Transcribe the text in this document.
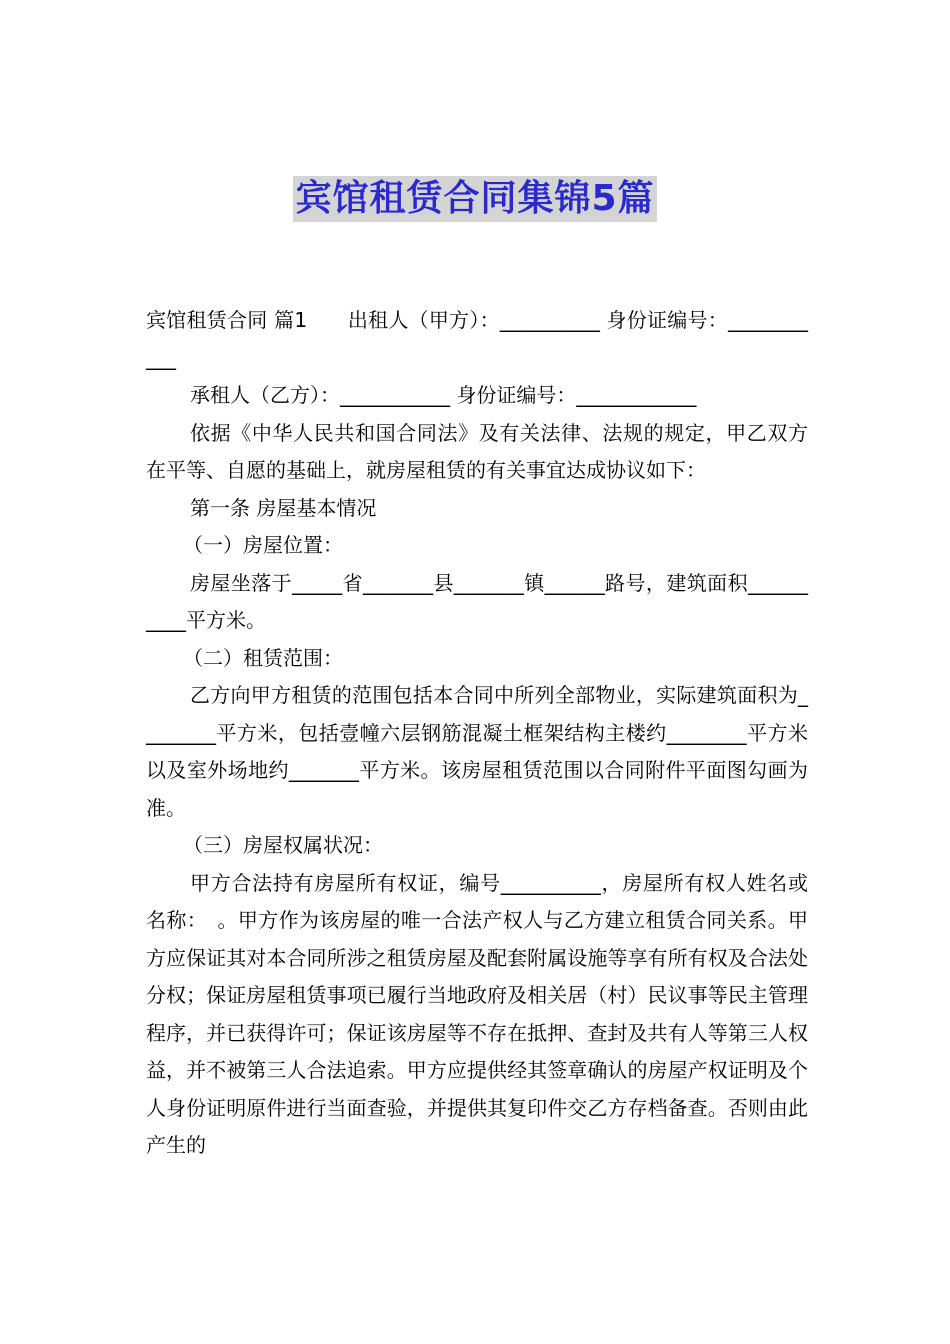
宾馆租赁合同集锦5篇

宾馆租赁合同 篇1　　出租人（甲方）：__________ 身份证编号：___________

承租人（乙方）：___________ 身份证编号：____________

依据《中华人民共和国合同法》及有关法律、法规的规定，甲乙双方在平等、自愿的基础上，就房屋租赁的有关事宜达成协议如下：

第一条 房屋基本情况

（一）房屋位置：

房屋坐落于_____省_______县_______镇______路号，建筑面积__________平方米。

（二）租赁范围：

乙方向甲方租赁的范围包括本合同中所列全部物业，实际建筑面积为________平方米，包括壹幢六层钢筋混凝土框架结构主楼约________平方米以及室外场地约_______平方米。该房屋租赁范围以合同附件平面图勾画为准。

（三）房屋权属状况：

甲方合法持有房屋所有权证，编号__________，房屋所有权人姓名或名称：　。甲方作为该房屋的唯一合法产权人与乙方建立租赁合同关系。甲方应保证其对本合同所涉之租赁房屋及配套附属设施等享有所有权及合法处分权；保证房屋租赁事项已履行当地政府及相关居（村）民议事等民主管理程序，并已获得许可；保证该房屋等不存在抵押、查封及共有人等第三人权益，并不被第三人合法追索。甲方应提供经其签章确认的房屋产权证明及个人身份证明原件进行当面查验，并提供其复印件交乙方存档备查。否则由此产生的
